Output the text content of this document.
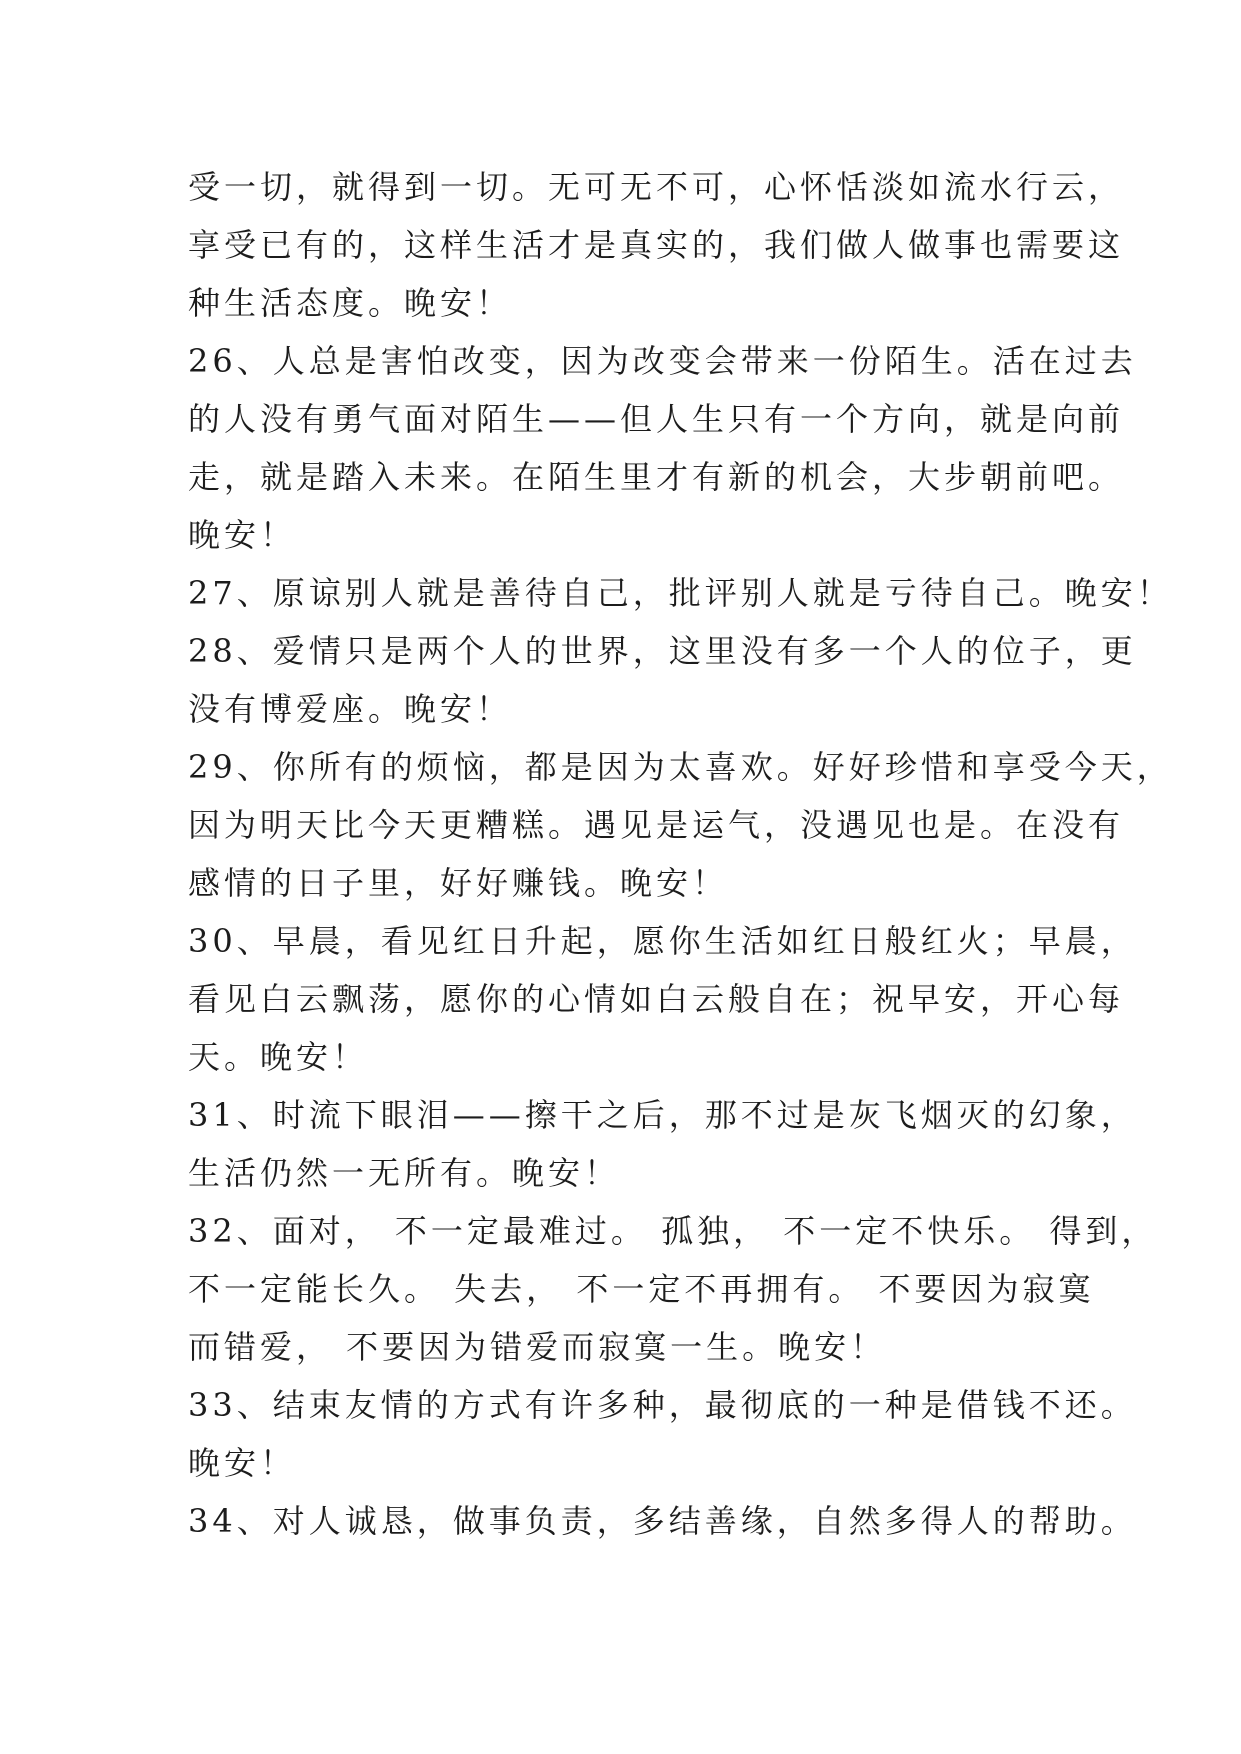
受一切，就得到一切。无可无不可，心怀恬淡如流水行云，
享受已有的，这样生活才是真实的，我们做人做事也需要这
种生活态度。晚安！
26、人总是害怕改变，因为改变会带来一份陌生。活在过去
的人没有勇气面对陌生——但人生只有一个方向，就是向前
走，就是踏入未来。在陌生里才有新的机会，大步朝前吧。
晚安！
27、原谅别人就是善待自己，批评别人就是亏待自己。晚安！
28、爱情只是两个人的世界，这里没有多一个人的位子，更
没有博爱座。晚安！
29、你所有的烦恼，都是因为太喜欢。好好珍惜和享受今天，
因为明天比今天更糟糕。遇见是运气，没遇见也是。在没有
感情的日子里，好好赚钱。晚安！
30、早晨，看见红日升起，愿你生活如红日般红火；早晨，
看见白云飘荡，愿你的心情如白云般自在；祝早安，开心每
天。晚安！
31、时流下眼泪——擦干之后，那不过是灰飞烟灭的幻象，
生活仍然一无所有。晚安！
32、面对， 不一定最难过。 孤独， 不一定不快乐。 得到，
不一定能长久。 失去， 不一定不再拥有。 不要因为寂寞
而错爱， 不要因为错爱而寂寞一生。晚安！
33、结束友情的方式有许多种，最彻底的一种是借钱不还。
晚安！
34、对人诚恳，做事负责，多结善缘，自然多得人的帮助。
